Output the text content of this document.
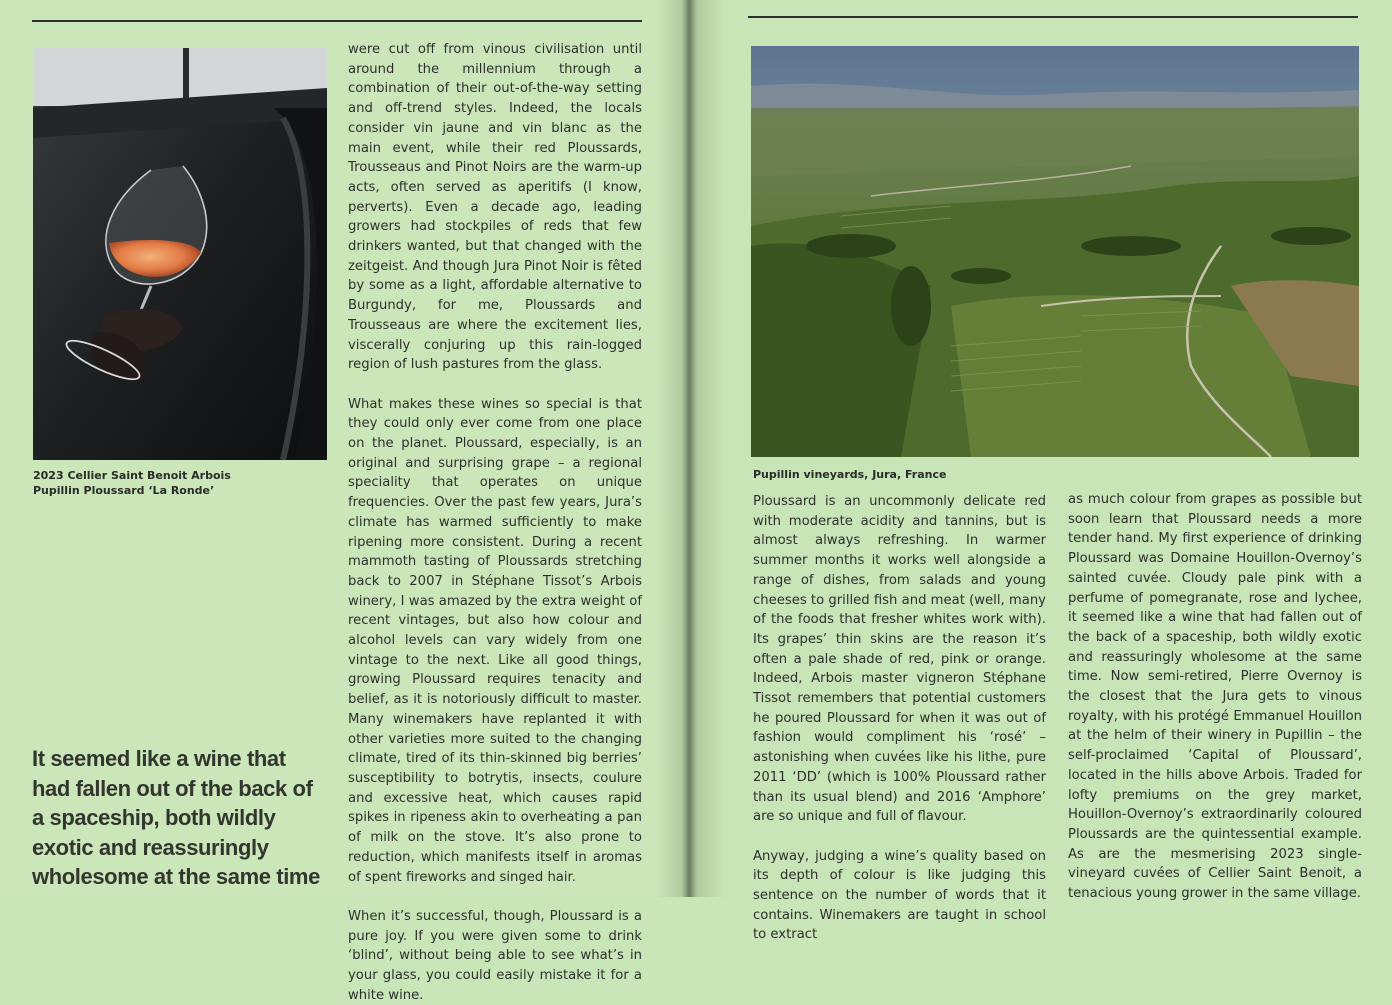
2023 Cellier Saint Benoit Arbois
Pupillin Ploussard ‘La Ronde’
It seemed like a wine that had fallen out of the back of a spaceship, both wildly exotic and reassuringly wholesome at the same time

were cut off from vinous civilisation until around the millennium through a combination of their out-of-the-way setting and off-trend styles. Indeed, the locals consider vin jaune and vin blanc as the main event, while their red Ploussards, Trousseaus and Pinot Noirs are the warm-up acts, often served as aperitifs (I know, perverts). Even a decade ago, leading growers had stockpiles of reds that few drinkers wanted, but that changed with the zeitgeist. And though Jura Pinot Noir is fêted by some as a light, affordable alternative to Burgundy, for me, Ploussards and Trousseaus are where the excitement lies, viscerally conjuring up this rain-logged region of lush pastures from the glass.

What makes these wines so special is that they could only ever come from one place on the planet. Ploussard, especially, is an original and surprising grape – a regional speciality that operates on unique frequencies. Over the past few years, Jura’s climate has warmed sufficiently to make ripening more consistent. During a recent mammoth tasting of Ploussards stretching back to 2007 in Stéphane Tissot’s Arbois winery, I was amazed by the extra weight of recent vintages, but also how colour and alcohol levels can vary widely from one vintage to the next. Like all good things, growing Ploussard requires tenacity and belief, as it is notoriously difficult to master. Many winemakers have replanted it with other varieties more suited to the changing climate, tired of its thin-skinned big berries’ susceptibility to botrytis, insects, coulure and excessive heat, which causes rapid spikes in ripeness akin to overheating a pan of milk on the stove. It’s also prone to reduction, which manifests itself in aromas of spent fireworks and singed hair.

When it’s successful, though, Ploussard is a pure joy. If you were given some to drink ‘blind’, without being able to see what’s in your glass, you could easily mistake it for a white wine.

Pupillin vineyards, Jura, France

Ploussard is an uncommonly delicate red with moderate acidity and tannins, but is almost always refreshing. In warmer summer months it works well alongside a range of dishes, from salads and young cheeses to grilled fish and meat (well, many of the foods that fresher whites work with). Its grapes’ thin skins are the reason it’s often a pale shade of red, pink or orange. Indeed, Arbois master vigneron Stéphane Tissot remembers that potential customers he poured Ploussard for when it was out of fashion would compliment his ‘rosé’ – astonishing when cuvées like his lithe, pure 2011 ‘DD’ (which is 100% Ploussard rather than its usual blend) and 2016 ‘Amphore’ are so unique and full of flavour.

Anyway, judging a wine’s quality based on its depth of colour is like judging this sentence on the number of words that it contains. Winemakers are taught in school to extract

as much colour from grapes as possible but soon learn that Ploussard needs a more tender hand. My first experience of drinking Ploussard was Domaine Houillon-Overnoy’s sainted cuvée. Cloudy pale pink with a perfume of pomegranate, rose and lychee, it seemed like a wine that had fallen out of the back of a spaceship, both wildly exotic and reassuringly wholesome at the same time. Now semi-retired, Pierre Overnoy is the closest that the Jura gets to vinous royalty, with his protégé Emmanuel Houillon at the helm of their winery in Pupillin – the self-proclaimed ‘Capital of Ploussard’, located in the hills above Arbois. Traded for lofty premiums on the grey market, Houillon-Overnoy’s extraordinarily coloured Ploussards are the quintessential example. As are the mesmerising 2023 single-vineyard cuvées of Cellier Saint Benoit, a tenacious young grower in the same village.
